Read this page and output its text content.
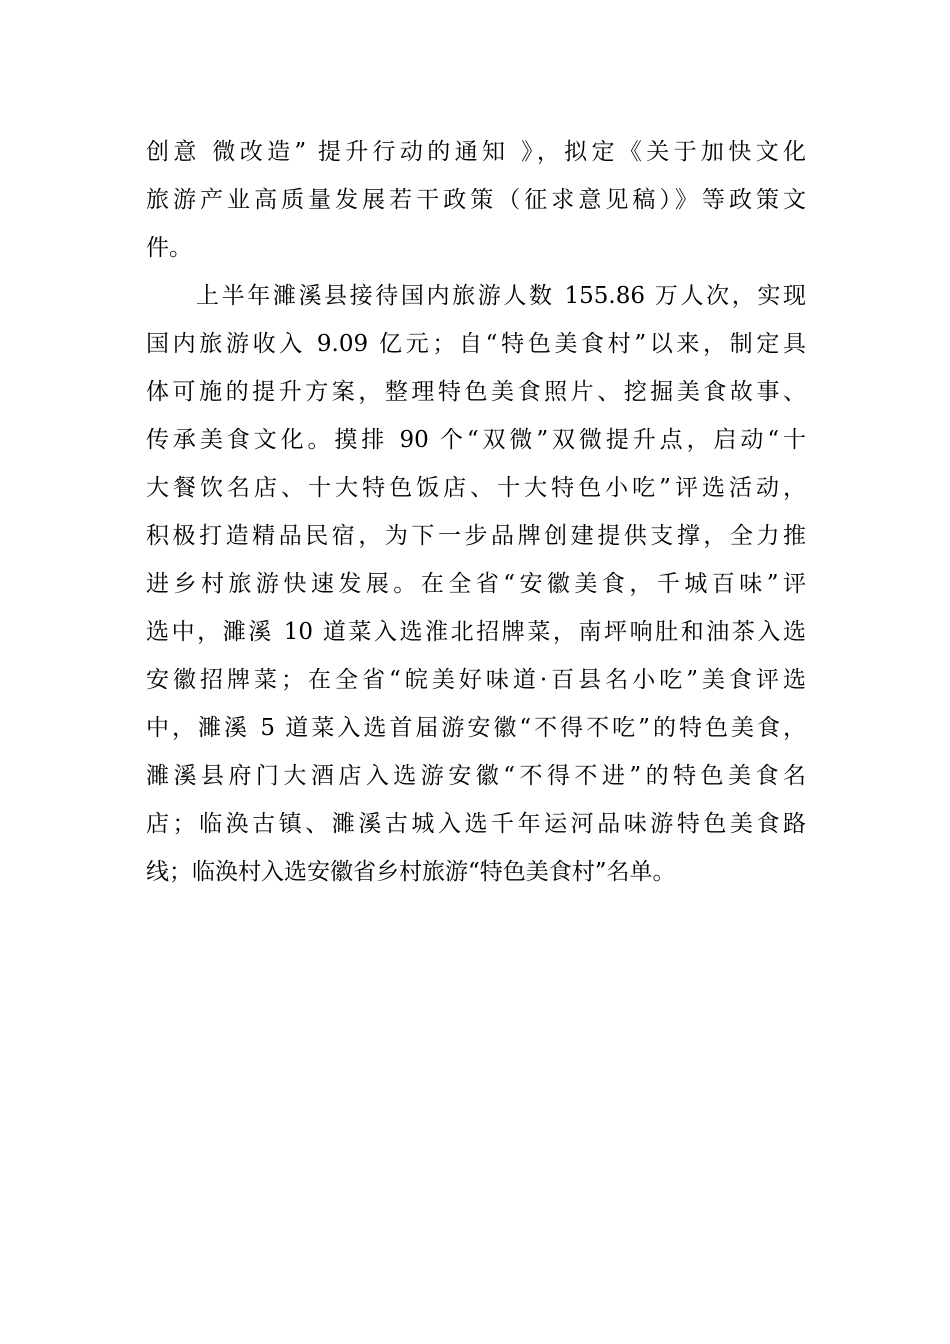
创意 微改造” 提升行动的通知 》，拟定《关于加快文化
旅游产业高质量发展若干政策（征求意见稿）》等政策文
件。
上半年濉溪县接待国内旅游人数 155.86 万人次，实现
国内旅游收入 9.09 亿元；自“特色美食村”以来，制定具
体可施的提升方案，整理特色美食照片、挖掘美食故事、
传承美食文化。摸排 90 个“双微”双微提升点，启动“十
大餐饮名店、十大特色饭店、十大特色小吃”评选活动，
积极打造精品民宿，为下一步品牌创建提供支撑，全力推
进乡村旅游快速发展。在全省“安徽美食，千城百味”评
选中，濉溪 10 道菜入选淮北招牌菜，南坪响肚和油茶入选
安徽招牌菜；在全省“皖美好味道·百县名小吃”美食评选
中，濉溪 5 道菜入选首届游安徽“不得不吃”的特色美食，
濉溪县府门大酒店入选游安徽“不得不进”的特色美食名
店；临涣古镇、濉溪古城入选千年运河品味游特色美食路
线；临涣村入选安徽省乡村旅游“特色美食村”名单。
